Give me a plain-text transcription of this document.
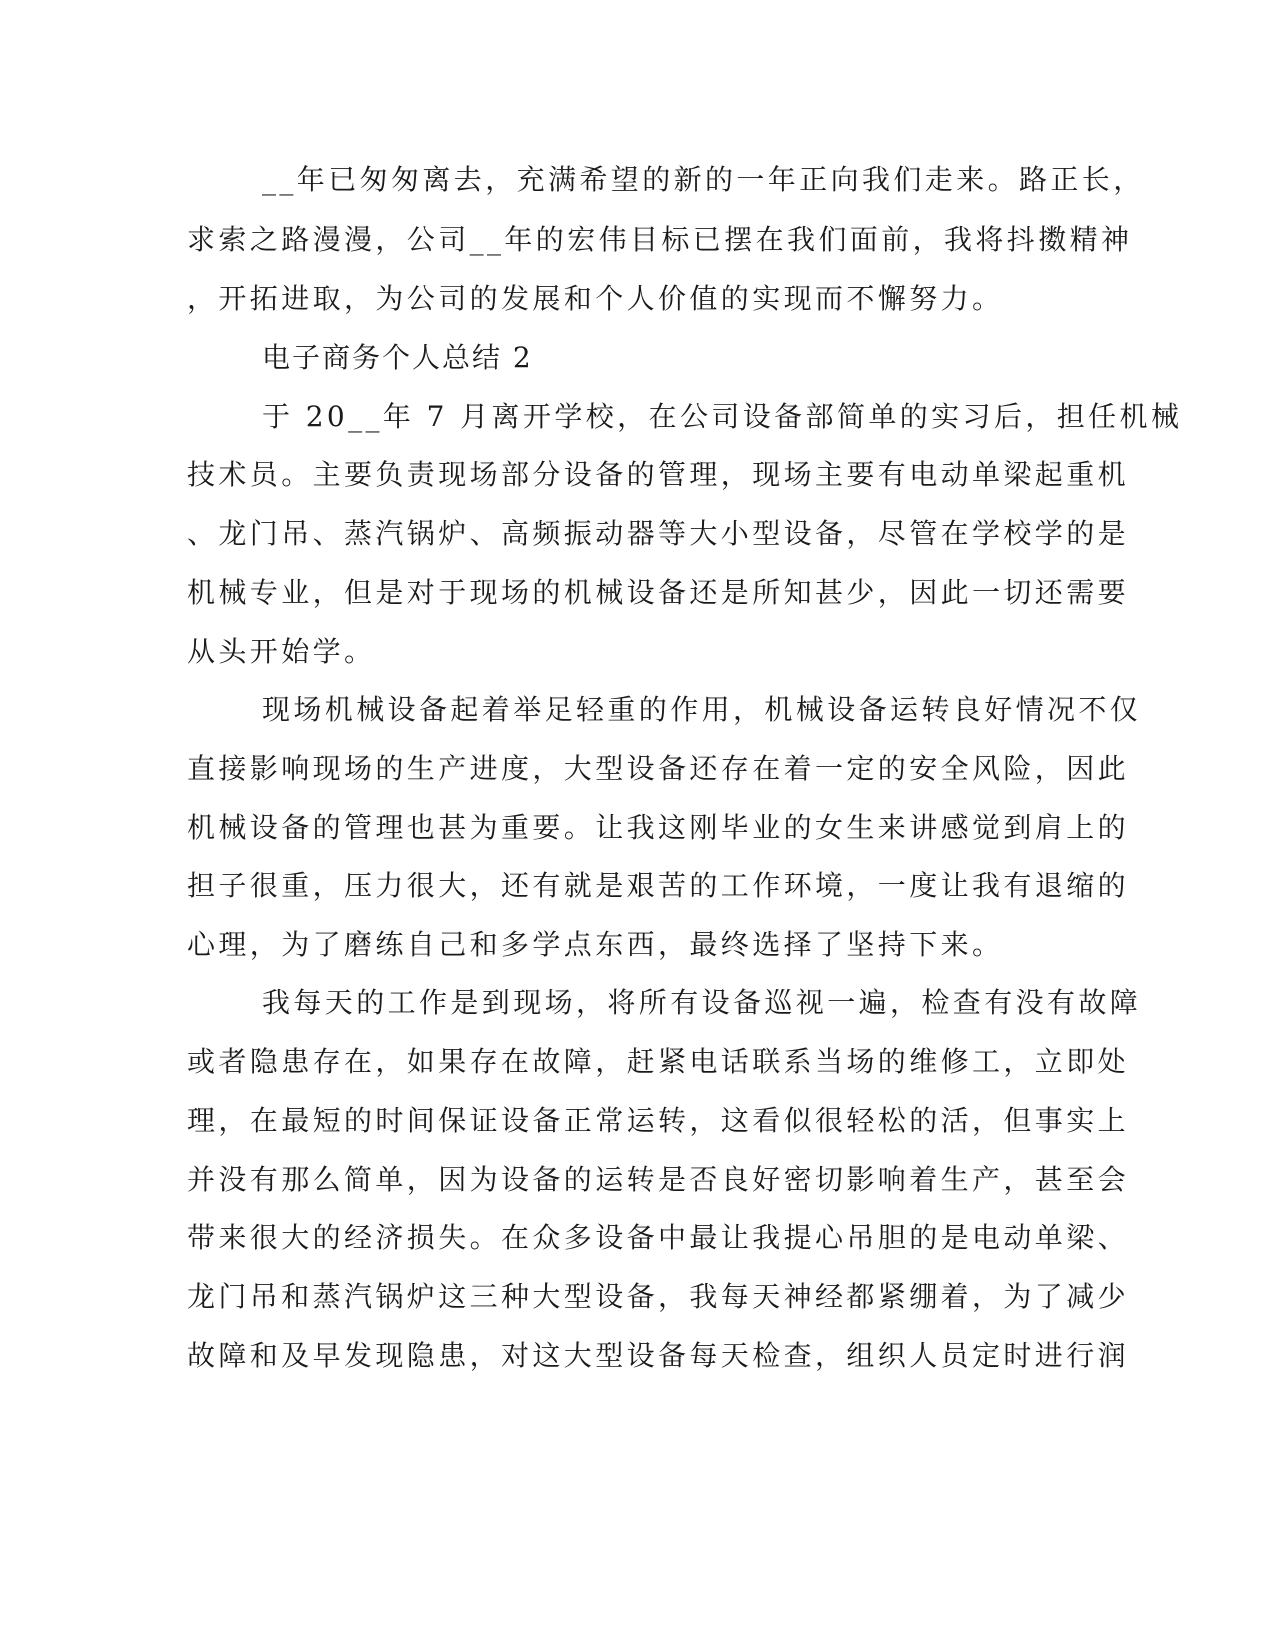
__年已匆匆离去，充满希望的新的一年正向我们走来。路正长，
求索之路漫漫，公司__年的宏伟目标已摆在我们面前，我将抖擞精神
，开拓进取，为公司的发展和个人价值的实现而不懈努力。
电子商务个人总结 2
于 20__年 7 月离开学校，在公司设备部简单的实习后，担任机械
技术员。主要负责现场部分设备的管理，现场主要有电动单梁起重机
、龙门吊、蒸汽锅炉、高频振动器等大小型设备，尽管在学校学的是
机械专业，但是对于现场的机械设备还是所知甚少，因此一切还需要
从头开始学。
现场机械设备起着举足轻重的作用，机械设备运转良好情况不仅
直接影响现场的生产进度，大型设备还存在着一定的安全风险，因此
机械设备的管理也甚为重要。让我这刚毕业的女生来讲感觉到肩上的
担子很重，压力很大，还有就是艰苦的工作环境，一度让我有退缩的
心理，为了磨练自己和多学点东西，最终选择了坚持下来。
我每天的工作是到现场，将所有设备巡视一遍，检查有没有故障
或者隐患存在，如果存在故障，赶紧电话联系当场的维修工，立即处
理，在最短的时间保证设备正常运转，这看似很轻松的活，但事实上
并没有那么简单，因为设备的运转是否良好密切影响着生产，甚至会
带来很大的经济损失。在众多设备中最让我提心吊胆的是电动单梁、
龙门吊和蒸汽锅炉这三种大型设备，我每天神经都紧绷着，为了减少
故障和及早发现隐患，对这大型设备每天检查，组织人员定时进行润
